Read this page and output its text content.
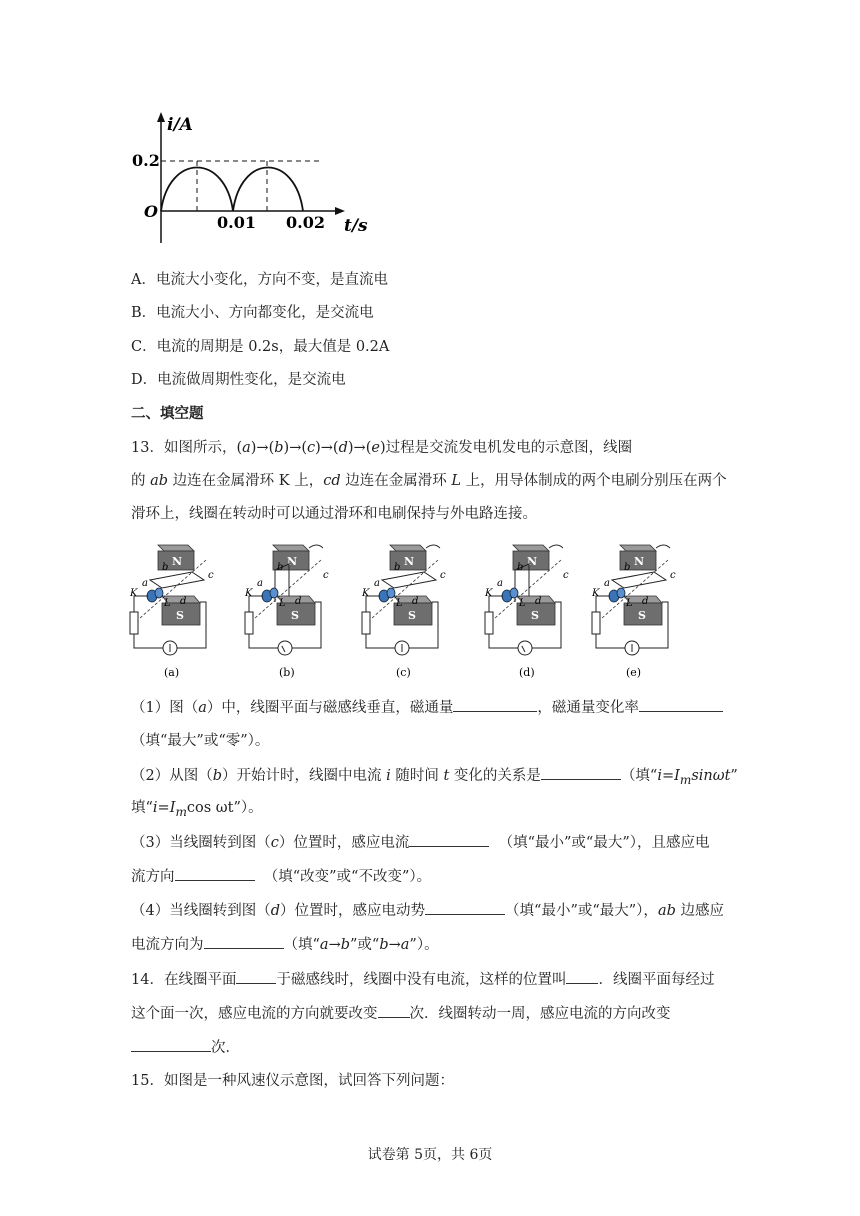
i/A
0.2
O
0.01 0.02 t/s
A．电流大小变化，方向不变，是直流电
B．电流大小、方向都变化，是交流电
C．电流的周期是 0.2s，最大值是 0.2A
D．电流做周期性变化，是交流电
二、填空题
13．如图所示，(a)→(b)→(c)→(d)→(e)过程是交流发电机发电的示意图，线圈
的 ab 边连在金属滑环 K 上，cd 边连在金属滑环 L 上，用导体制成的两个电刷分别压在两个
滑环上，线圈在转动时可以通过滑环和电刷保持与外电路连接。
N
S
a
b
c
d
K
L
(a)
N
S
a
b
c
d
K
L
(b)
N
S
a
b
c
d
K
L
(c)
N
S
a
b
c
d
K
L
(d)
N
S
a
b
c
d
K
L
(e)
（1）图（a）中，线圈平面与磁感线垂直，磁通量	，磁通量变化率
（填“最大”或“零”）。
（2）从图（b）开始计时，线圈中电流 i 随时间 t 变化的关系是	（填“$i=I_m\sin\omega t$”
填“$i=I_m\cos$ ωt”）。
（3）当线圈转到图（c）位置时，感应电流	（填“最小”或“最大”），且感应电
流方向	（填“改变”或“不改变”）。
（4）当线圈转到图（d）位置时，感应电动势	（填“最小”或“最大”），ab 边感应
电流方向为	（填“a→b”或“b→a”）。
14．在线圈平面	于磁感线时，线圈中没有电流，这样的位置叫 ．线圈平面每经过
这个面一次，感应电流的方向就要改变 次．线圈转动一周，感应电流的方向改变
次．
15．如图是一种风速仪示意图，试回答下列问题：
试卷第 5页，共 6页
